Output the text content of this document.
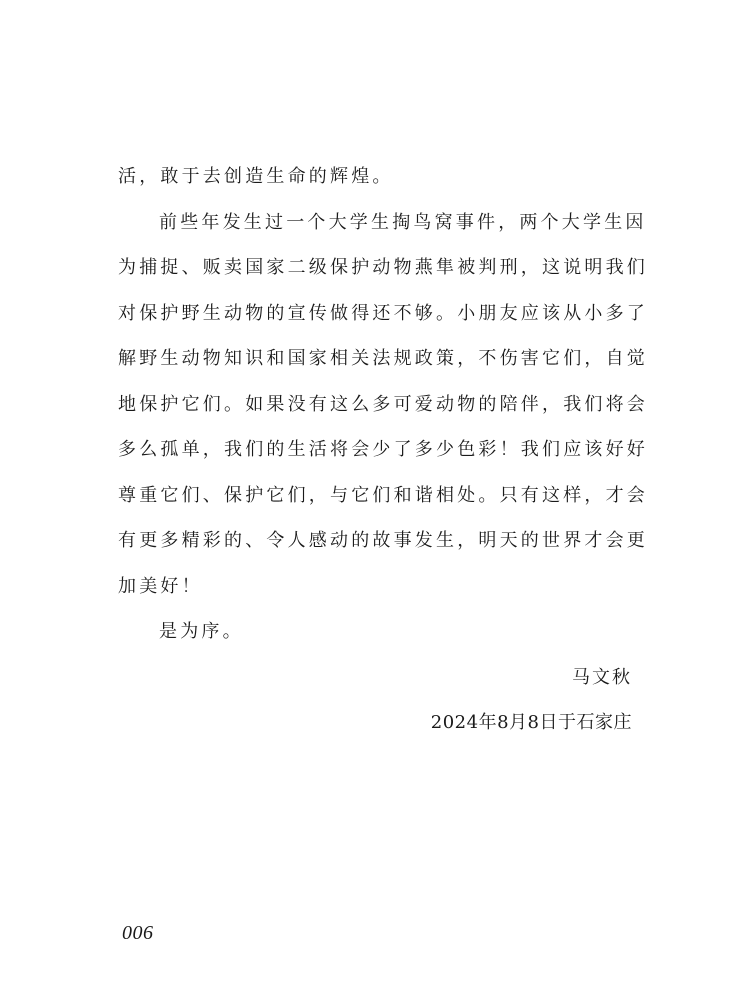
活，敢于去创造生命的辉煌。
前些年发生过一个大学生掏鸟窝事件，两个大学生因
为捕捉、贩卖国家二级保护动物燕隼被判刑，这说明我们
对保护野生动物的宣传做得还不够。小朋友应该从小多了
解野生动物知识和国家相关法规政策，不伤害它们，自觉
地保护它们。如果没有这么多可爱动物的陪伴，我们将会
多么孤单，我们的生活将会少了多少色彩！我们应该好好
尊重它们、保护它们，与它们和谐相处。只有这样，才会
有更多精彩的、令人感动的故事发生，明天的世界才会更
加美好！
是为序。
马文秋
2024年8月8日于石家庄
006
